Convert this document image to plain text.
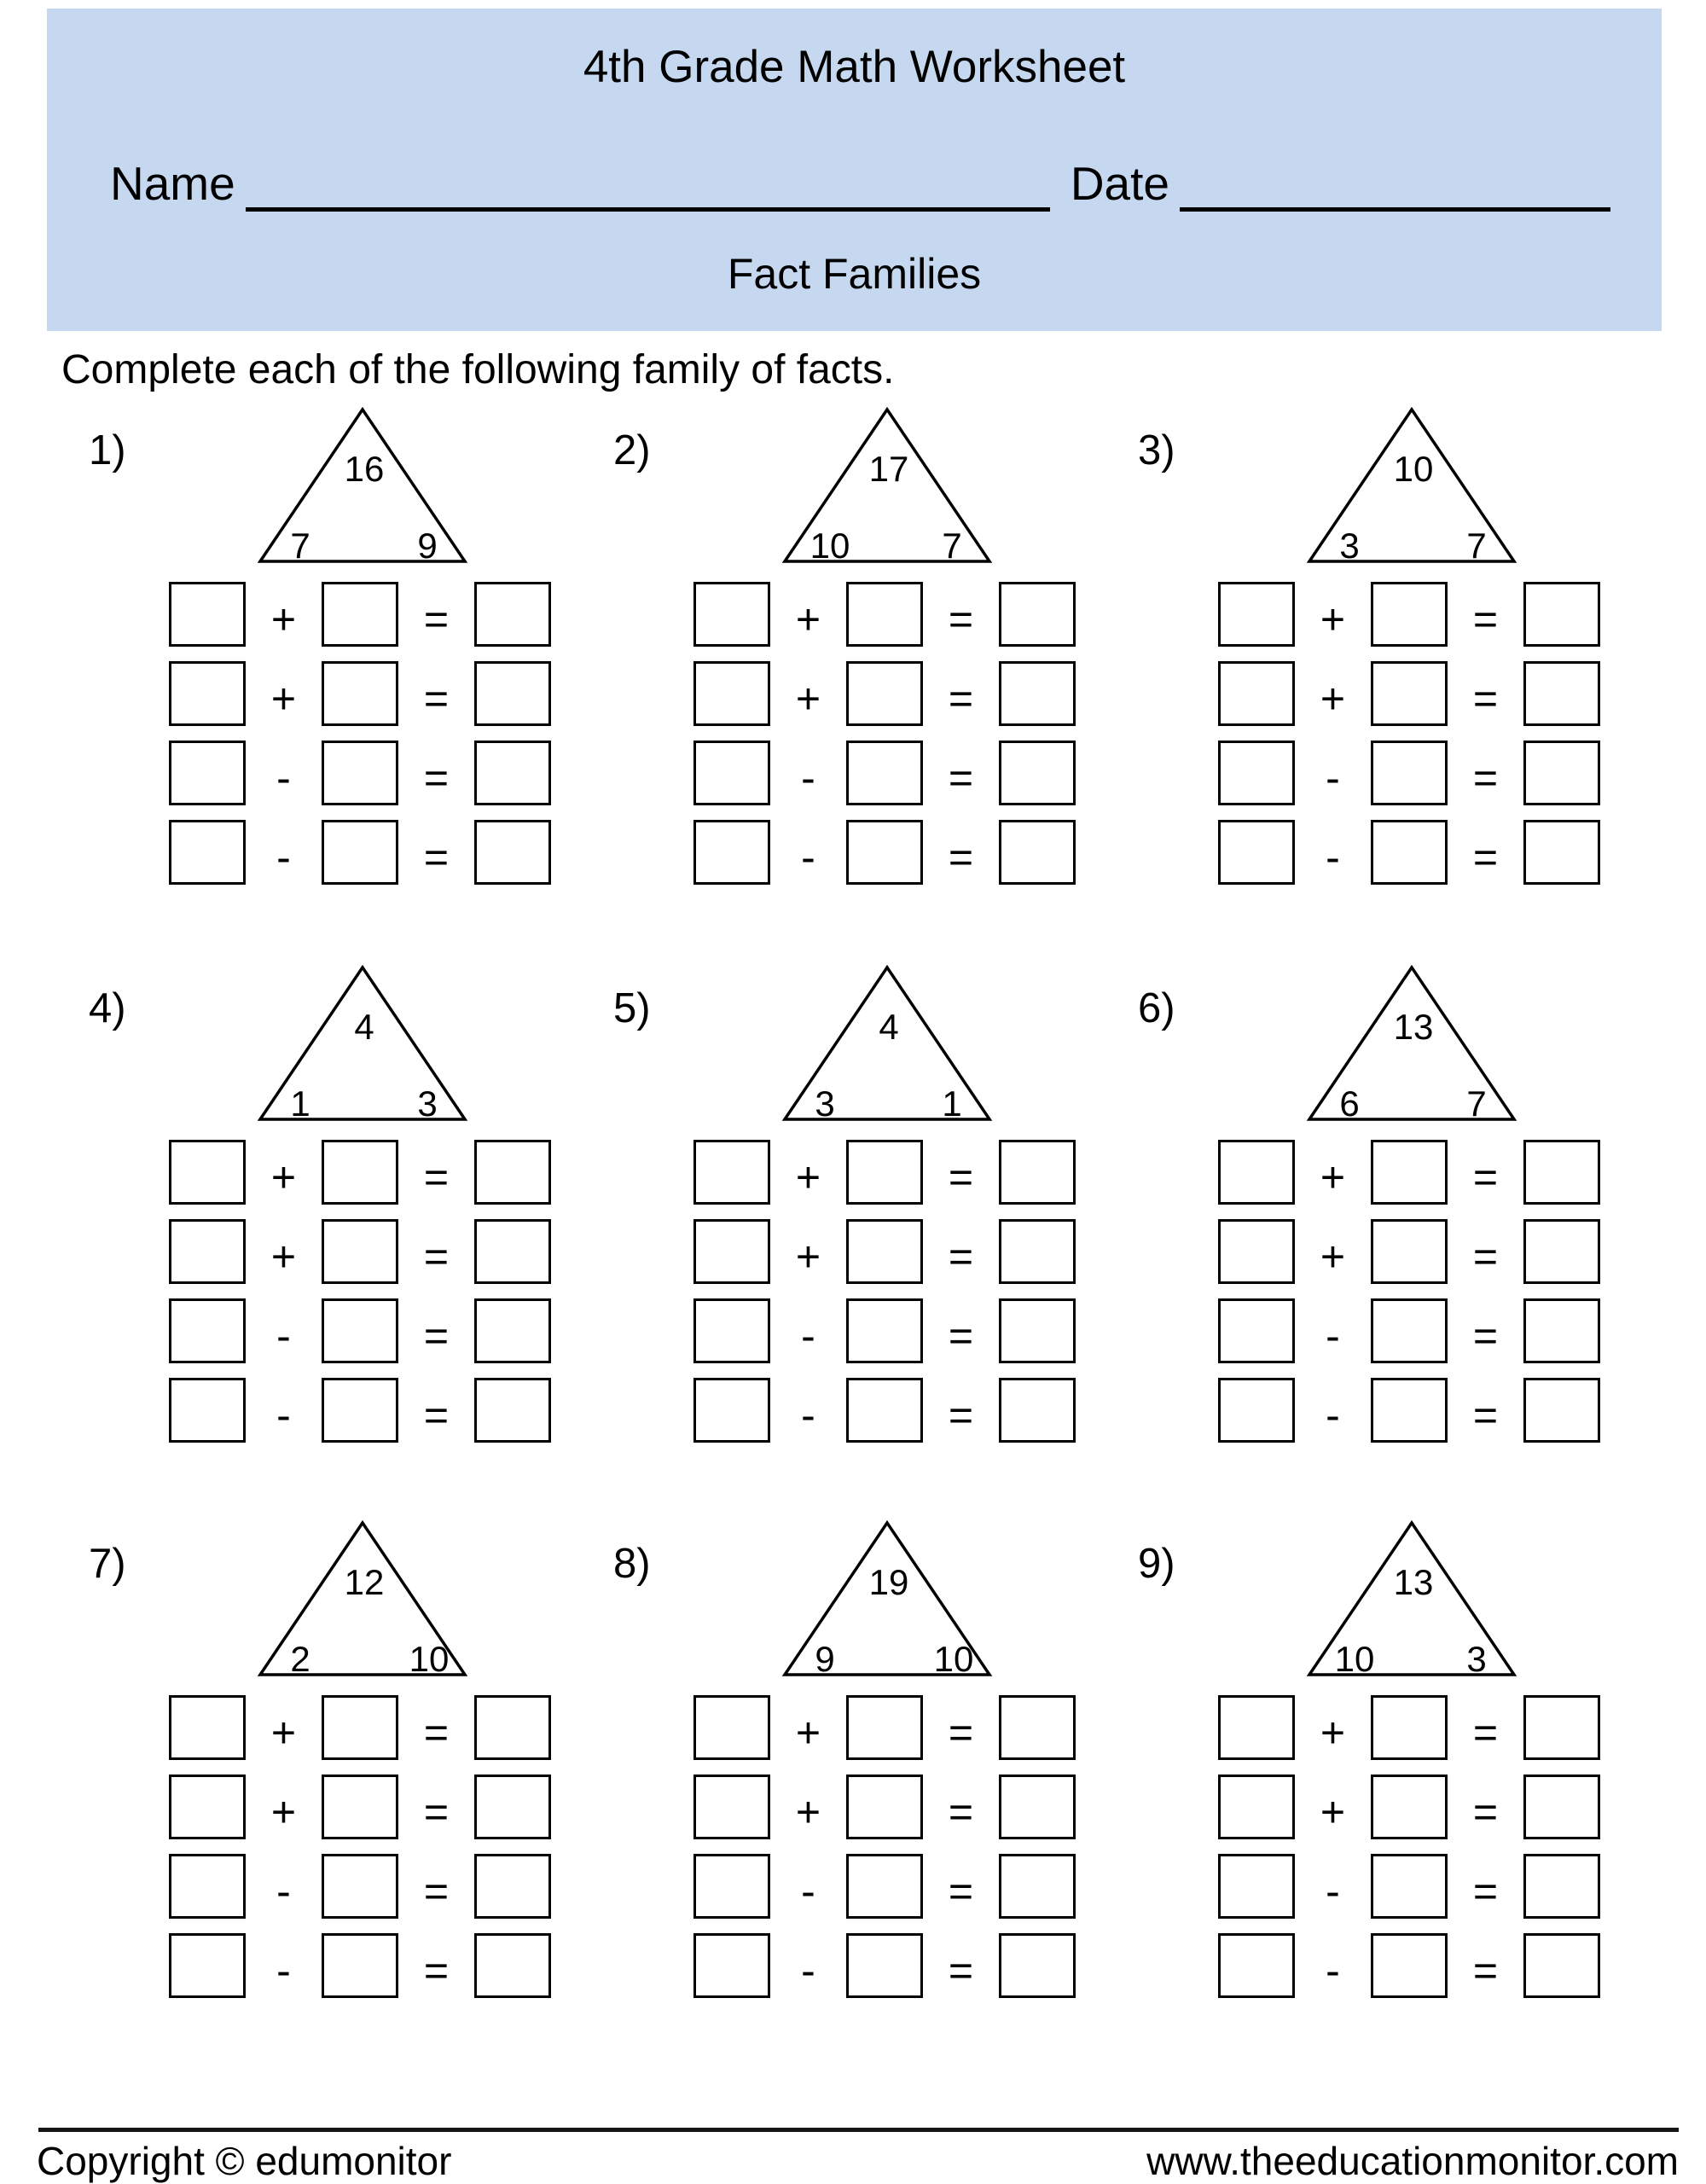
4th Grade Math Worksheet
Name	Date
Fact Families
Complete each of the following family of facts.
1)	16
7	9
+	=
+	=
-	=
-	=
2)	17
10	7
+	=
+	=
-	=
-	=
3)	10
3	7
+	=
+	=
-	=
-	=
4)	4
1	3
+	=
+	=
-	=
-	=
5)	4
3	1
+	=
+	=
-	=
-	=
6)	13
6	7
+	=
+	=
-	=
-	=
7)	12
2	10
+	=
+	=
-	=
-	=
8)	19
9	10
+	=
+	=
-	=
-	=
9)	13
10	3
+	=
+	=
-	=
-	=
Copyright © edumonitor	www.theeducationmonitor.com
